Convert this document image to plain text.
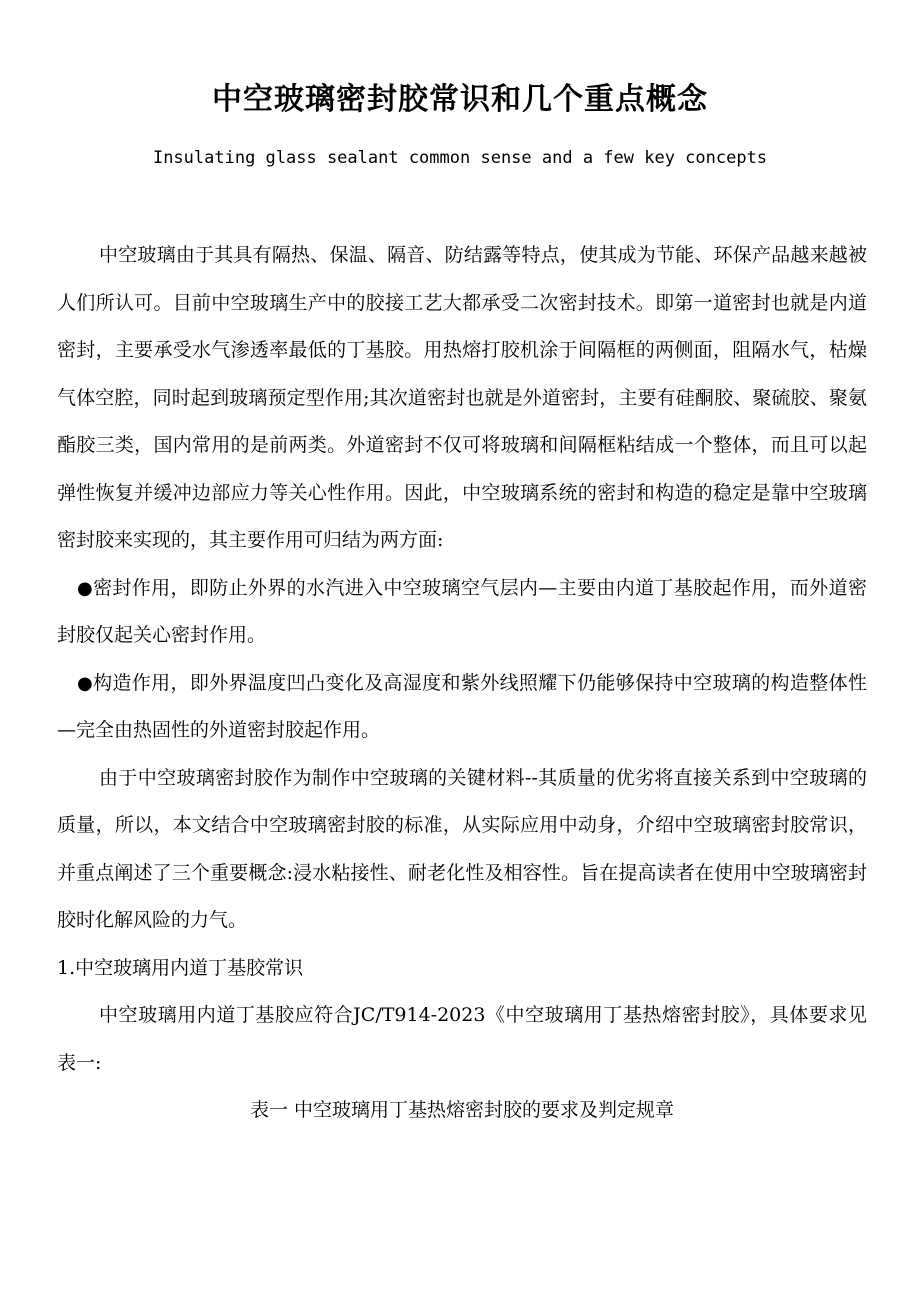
中空玻璃密封胶常识和几个重点概念
Insulating glass sealant common sense and a few key concepts

中空玻璃由于其具有隔热、保温、隔音、防结露等特点，使其成为节能、环保产品越来越被人们所认可。目前中空玻璃生产中的胶接工艺大都承受二次密封技术。即第一道密封也就是内道密封，主要承受水气渗透率最低的丁基胶。用热熔打胶机涂于间隔框的两侧面，阻隔水气，枯燥气体空腔，同时起到玻璃预定型作用;其次道密封也就是外道密封，主要有硅酮胶、聚硫胶、聚氨酯胶三类，国内常用的是前两类。外道密封不仅可将玻璃和间隔框粘结成一个整体，而且可以起弹性恢复并缓冲边部应力等关心性作用。因此，中空玻璃系统的密封和构造的稳定是靠中空玻璃密封胶来实现的，其主要作用可归结为两方面:

●密封作用，即防止外界的水汽进入中空玻璃空气层内—主要由内道丁基胶起作用，而外道密封胶仅起关心密封作用。

●构造作用，即外界温度凹凸变化及高湿度和紫外线照耀下仍能够保持中空玻璃的构造整体性—完全由热固性的外道密封胶起作用。

由于中空玻璃密封胶作为制作中空玻璃的关键材料--其质量的优劣将直接关系到中空玻璃的质量，所以，本文结合中空玻璃密封胶的标准，从实际应用中动身，介绍中空玻璃密封胶常识，并重点阐述了三个重要概念:浸水粘接性、耐老化性及相容性。旨在提高读者在使用中空玻璃密封胶时化解风险的力气。

1.中空玻璃用内道丁基胶常识

中空玻璃用内道丁基胶应符合JC/T914-2023《中空玻璃用丁基热熔密封胶》，具体要求见表一:

表一 中空玻璃用丁基热熔密封胶的要求及判定规章
